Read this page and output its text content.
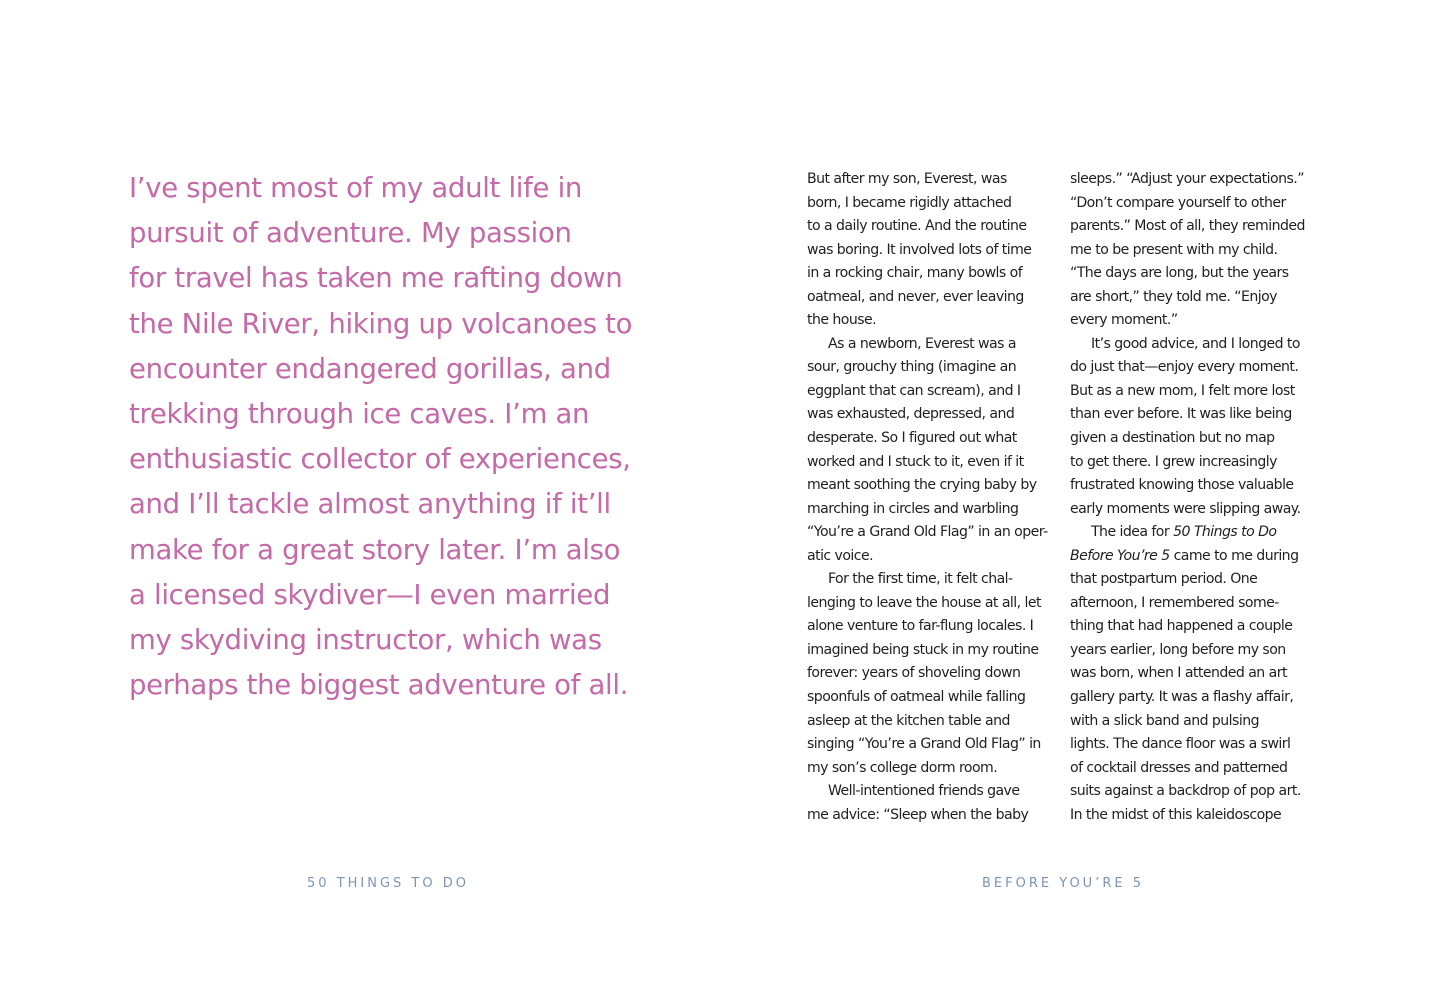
I’ve spent most of my adult life in
pursuit of adventure. My passion
for travel has taken me rafting down
the Nile River, hiking up volcanoes to
encounter endangered gorillas, and
trekking through ice caves. I’m an
enthusiastic collector of experiences,
and I’ll tackle almost anything if it’ll
make for a great story later. I’m also
a licensed skydiver—I even married
my skydiving instructor, which was
perhaps the biggest adventure of all.

50 THINGS TO DO

But after my son, Everest, was
born, I became rigidly attached
to a daily routine. And the routine
was boring. It involved lots of time
in a rocking chair, many bowls of
oatmeal, and never, ever leaving
the house.
As a newborn, Everest was a
sour, grouchy thing (imagine an
eggplant that can scream), and I
was exhausted, depressed, and
desperate. So I figured out what
worked and I stuck to it, even if it
meant soothing the crying baby by
marching in circles and warbling
“You’re a Grand Old Flag” in an oper-
atic voice.
For the first time, it felt chal-
lenging to leave the house at all, let
alone venture to far-flung locales. I
imagined being stuck in my routine
forever: years of shoveling down
spoonfuls of oatmeal while falling
asleep at the kitchen table and
singing “You’re a Grand Old Flag” in
my son’s college dorm room.
Well-intentioned friends gave
me advice: “Sleep when the baby
sleeps.” “Adjust your expectations.”
“Don’t compare yourself to other
parents.” Most of all, they reminded
me to be present with my child.
“The days are long, but the years
are short,” they told me. “Enjoy
every moment.”
It’s good advice, and I longed to
do just that—enjoy every moment.
But as a new mom, I felt more lost
than ever before. It was like being
given a destination but no map
to get there. I grew increasingly
frustrated knowing those valuable
early moments were slipping away.
The idea for 50 Things to Do
Before You’re 5 came to me during
that postpartum period. One
afternoon, I remembered some-
thing that had happened a couple
years earlier, long before my son
was born, when I attended an art
gallery party. It was a flashy affair,
with a slick band and pulsing
lights. The dance floor was a swirl
of cocktail dresses and patterned
suits against a backdrop of pop art.
In the midst of this kaleidoscope

BEFORE YOU’RE 5
